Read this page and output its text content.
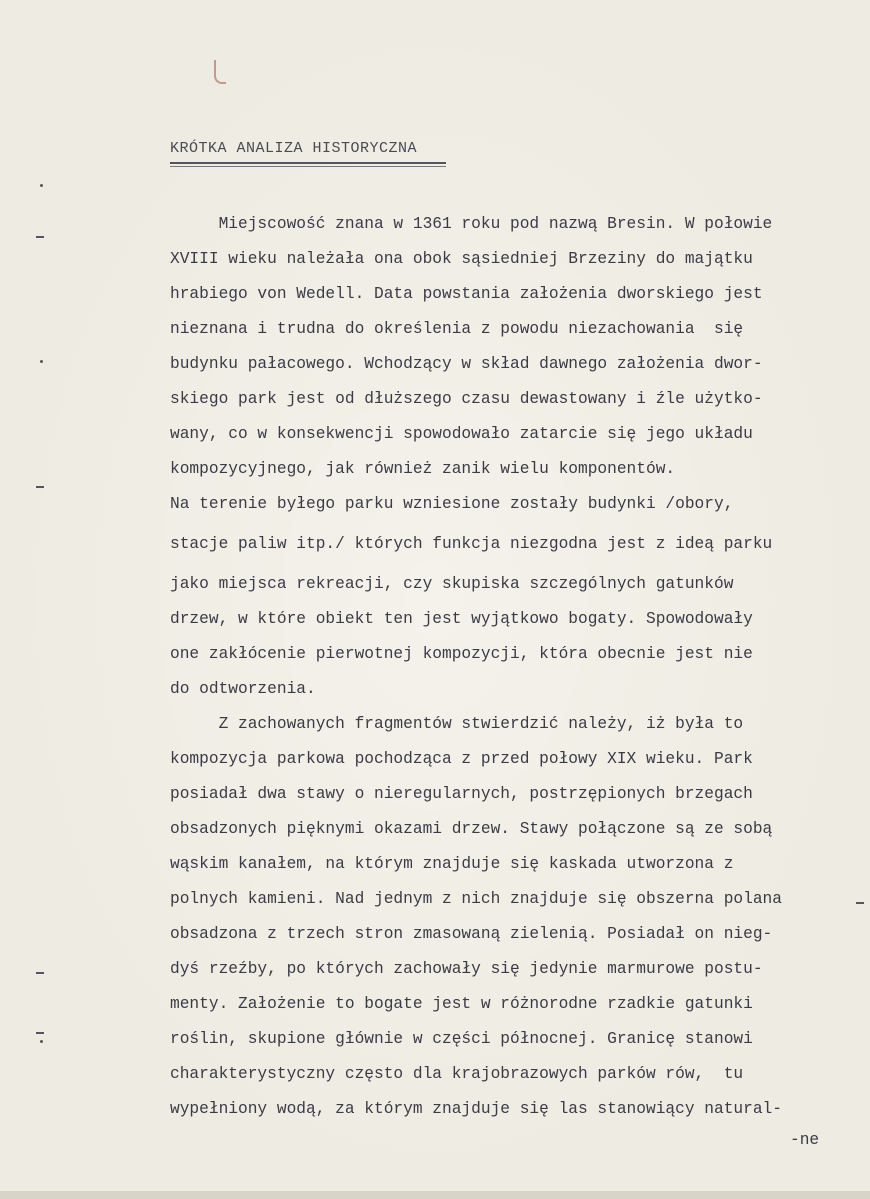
KRÓTKA ANALIZA HISTORYCZNA
Miejscowość znana w 1361 roku pod nazwą Bresin. W połowie
XVIII wieku należała ona obok sąsiedniej Brzeziny do majątku
hrabiego von Wedell. Data powstania założenia dworskiego jest
nieznana i trudna do określenia z powodu niezachowania  się
budynku pałacowego. Wchodzący w skład dawnego założenia dwor-
skiego park jest od dłuższego czasu dewastowany i źle użytko-
wany, co w konsekwencji spowodowało zatarcie się jego układu
kompozycyjnego, jak również zanik wielu komponentów.
Na terenie byłego parku wzniesione zostały budynki /obory,
stacje paliw itp./ których funkcja niezgodna jest z ideą parku
jako miejsca rekreacji, czy skupiska szczególnych gatunków
drzew, w które obiekt ten jest wyjątkowo bogaty. Spowodowały
one zakłócenie pierwotnej kompozycji, która obecnie jest nie
do odtworzenia.
Z zachowanych fragmentów stwierdzić należy, iż była to
kompozycja parkowa pochodząca z przed połowy XIX wieku. Park
posiadał dwa stawy o nieregularnych, postrzępionych brzegach
obsadzonych pięknymi okazami drzew. Stawy połączone są ze sobą
wąskim kanałem, na którym znajduje się kaskada utworzona z
polnych kamieni. Nad jednym z nich znajduje się obszerna polana
obsadzona z trzech stron zmasowaną zielenią. Posiadał on nieg-
dyś rzeźby, po których zachowały się jedynie marmurowe postu-
menty. Założenie to bogate jest w różnorodne rzadkie gatunki
roślin, skupione głównie w części północnej. Granicę stanowi
charakterystyczny często dla krajobrazowych parków rów,  tu
wypełniony wodą, za którym znajduje się las stanowiący natural-
-ne
